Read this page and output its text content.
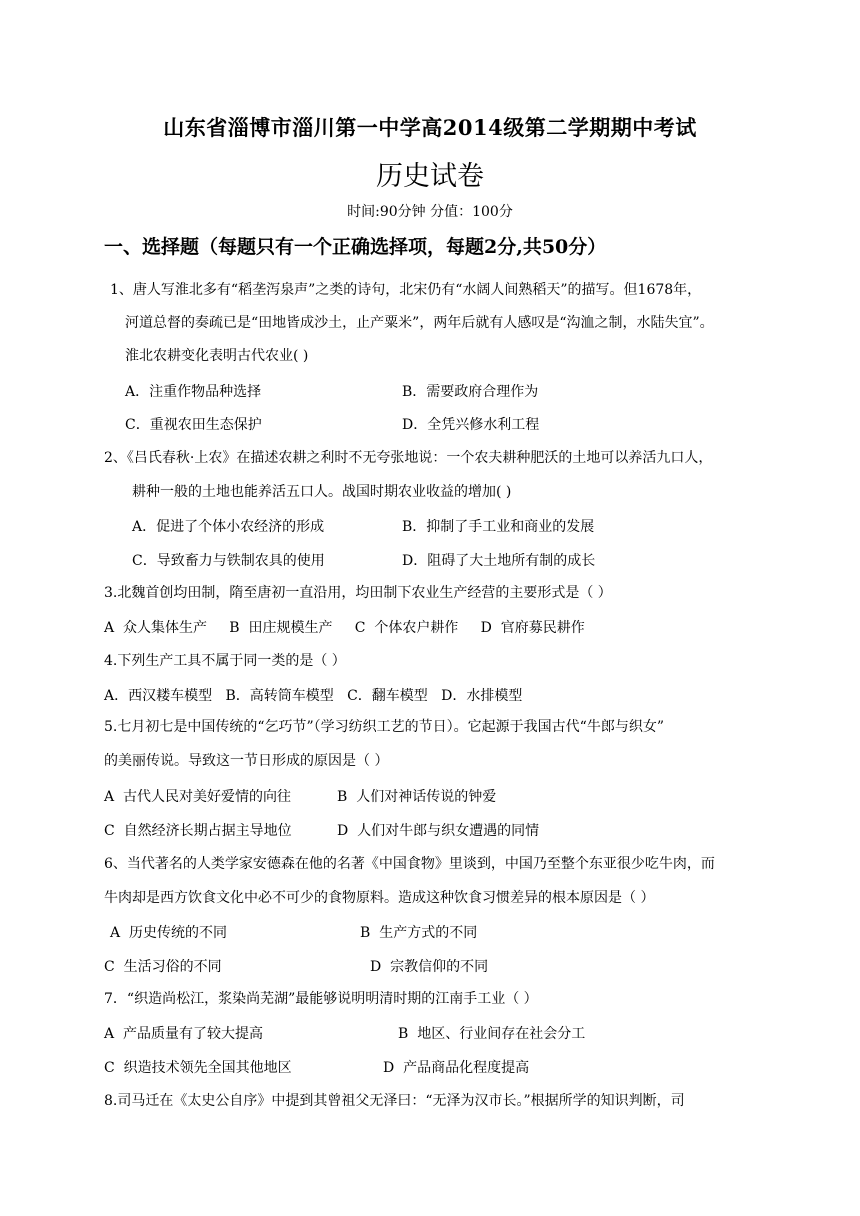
山东省淄博市淄川第一中学高2014级第二学期期中考试
历史试卷
时间:90分钟 分值：100分
一、选择题（每题只有一个正确选择项，每题2分,共50分）
1、唐人写淮北多有“稻垄泻泉声”之类的诗句，北宋仍有“水阔人间熟稻天”的描写。但1678年，
河道总督的奏疏已是“田地皆成沙土，止产粟米”，两年后就有人感叹是“沟洫之制，水陆失宜”。
淮北农耕变化表明古代农业( )
A．注重作物品种选择	B．需要政府合理作为
C．重视农田生态保护	D．全凭兴修水利工程
2、《吕氏春秋·上农》在描述农耕之利时不无夸张地说：一个农夫耕种肥沃的土地可以养活九口人，
耕种一般的土地也能养活五口人。战国时期农业收益的增加( )
A．促进了个体小农经济的形成	B．抑制了手工业和商业的发展
C．导致畜力与铁制农具的使用	D．阻碍了大土地所有制的成长
3.北魏首创均田制，隋至唐初一直沿用，均田制下农业生产经营的主要形式是（ ）
A  众人集体生产     B  田庄规模生产     C  个体农户耕作     D  官府募民耕作
4.下列生产工具不属于同一类的是（ ）
A．西汉耧车模型   B．高转筒车模型   C．翻车模型   D．水排模型
5.七月初七是中国传统的“乞巧节”（学习纺织工艺的节日）。它起源于我国古代“牛郎与织女”
的美丽传说。导致这一节日形成的原因是（ ）
A  古代人民对美好爱情的向往	B  人们对神话传说的钟爱
C  自然经济长期占据主导地位	D  人们对牛郎与织女遭遇的同情
6、当代著名的人类学家安德森在他的名著《中国食物》里谈到，中国乃至整个东亚很少吃牛肉，而
牛肉却是西方饮食文化中必不可少的食物原料。造成这种饮食习惯差异的根本原因是（ ）
A  历史传统的不同	B  生产方式的不同
C  生活习俗的不同	D  宗教信仰的不同
7．“织造尚松江，浆染尚芜湖”最能够说明明清时期的江南手工业（ ）
A  产品质量有了较大提高	B  地区、行业间存在社会分工
C  织造技术领先全国其他地区	D  产品商品化程度提高
8.司马迁在《太史公自序》中提到其曾祖父无泽曰：“无泽为汉市长。”根据所学的知识判断，司
